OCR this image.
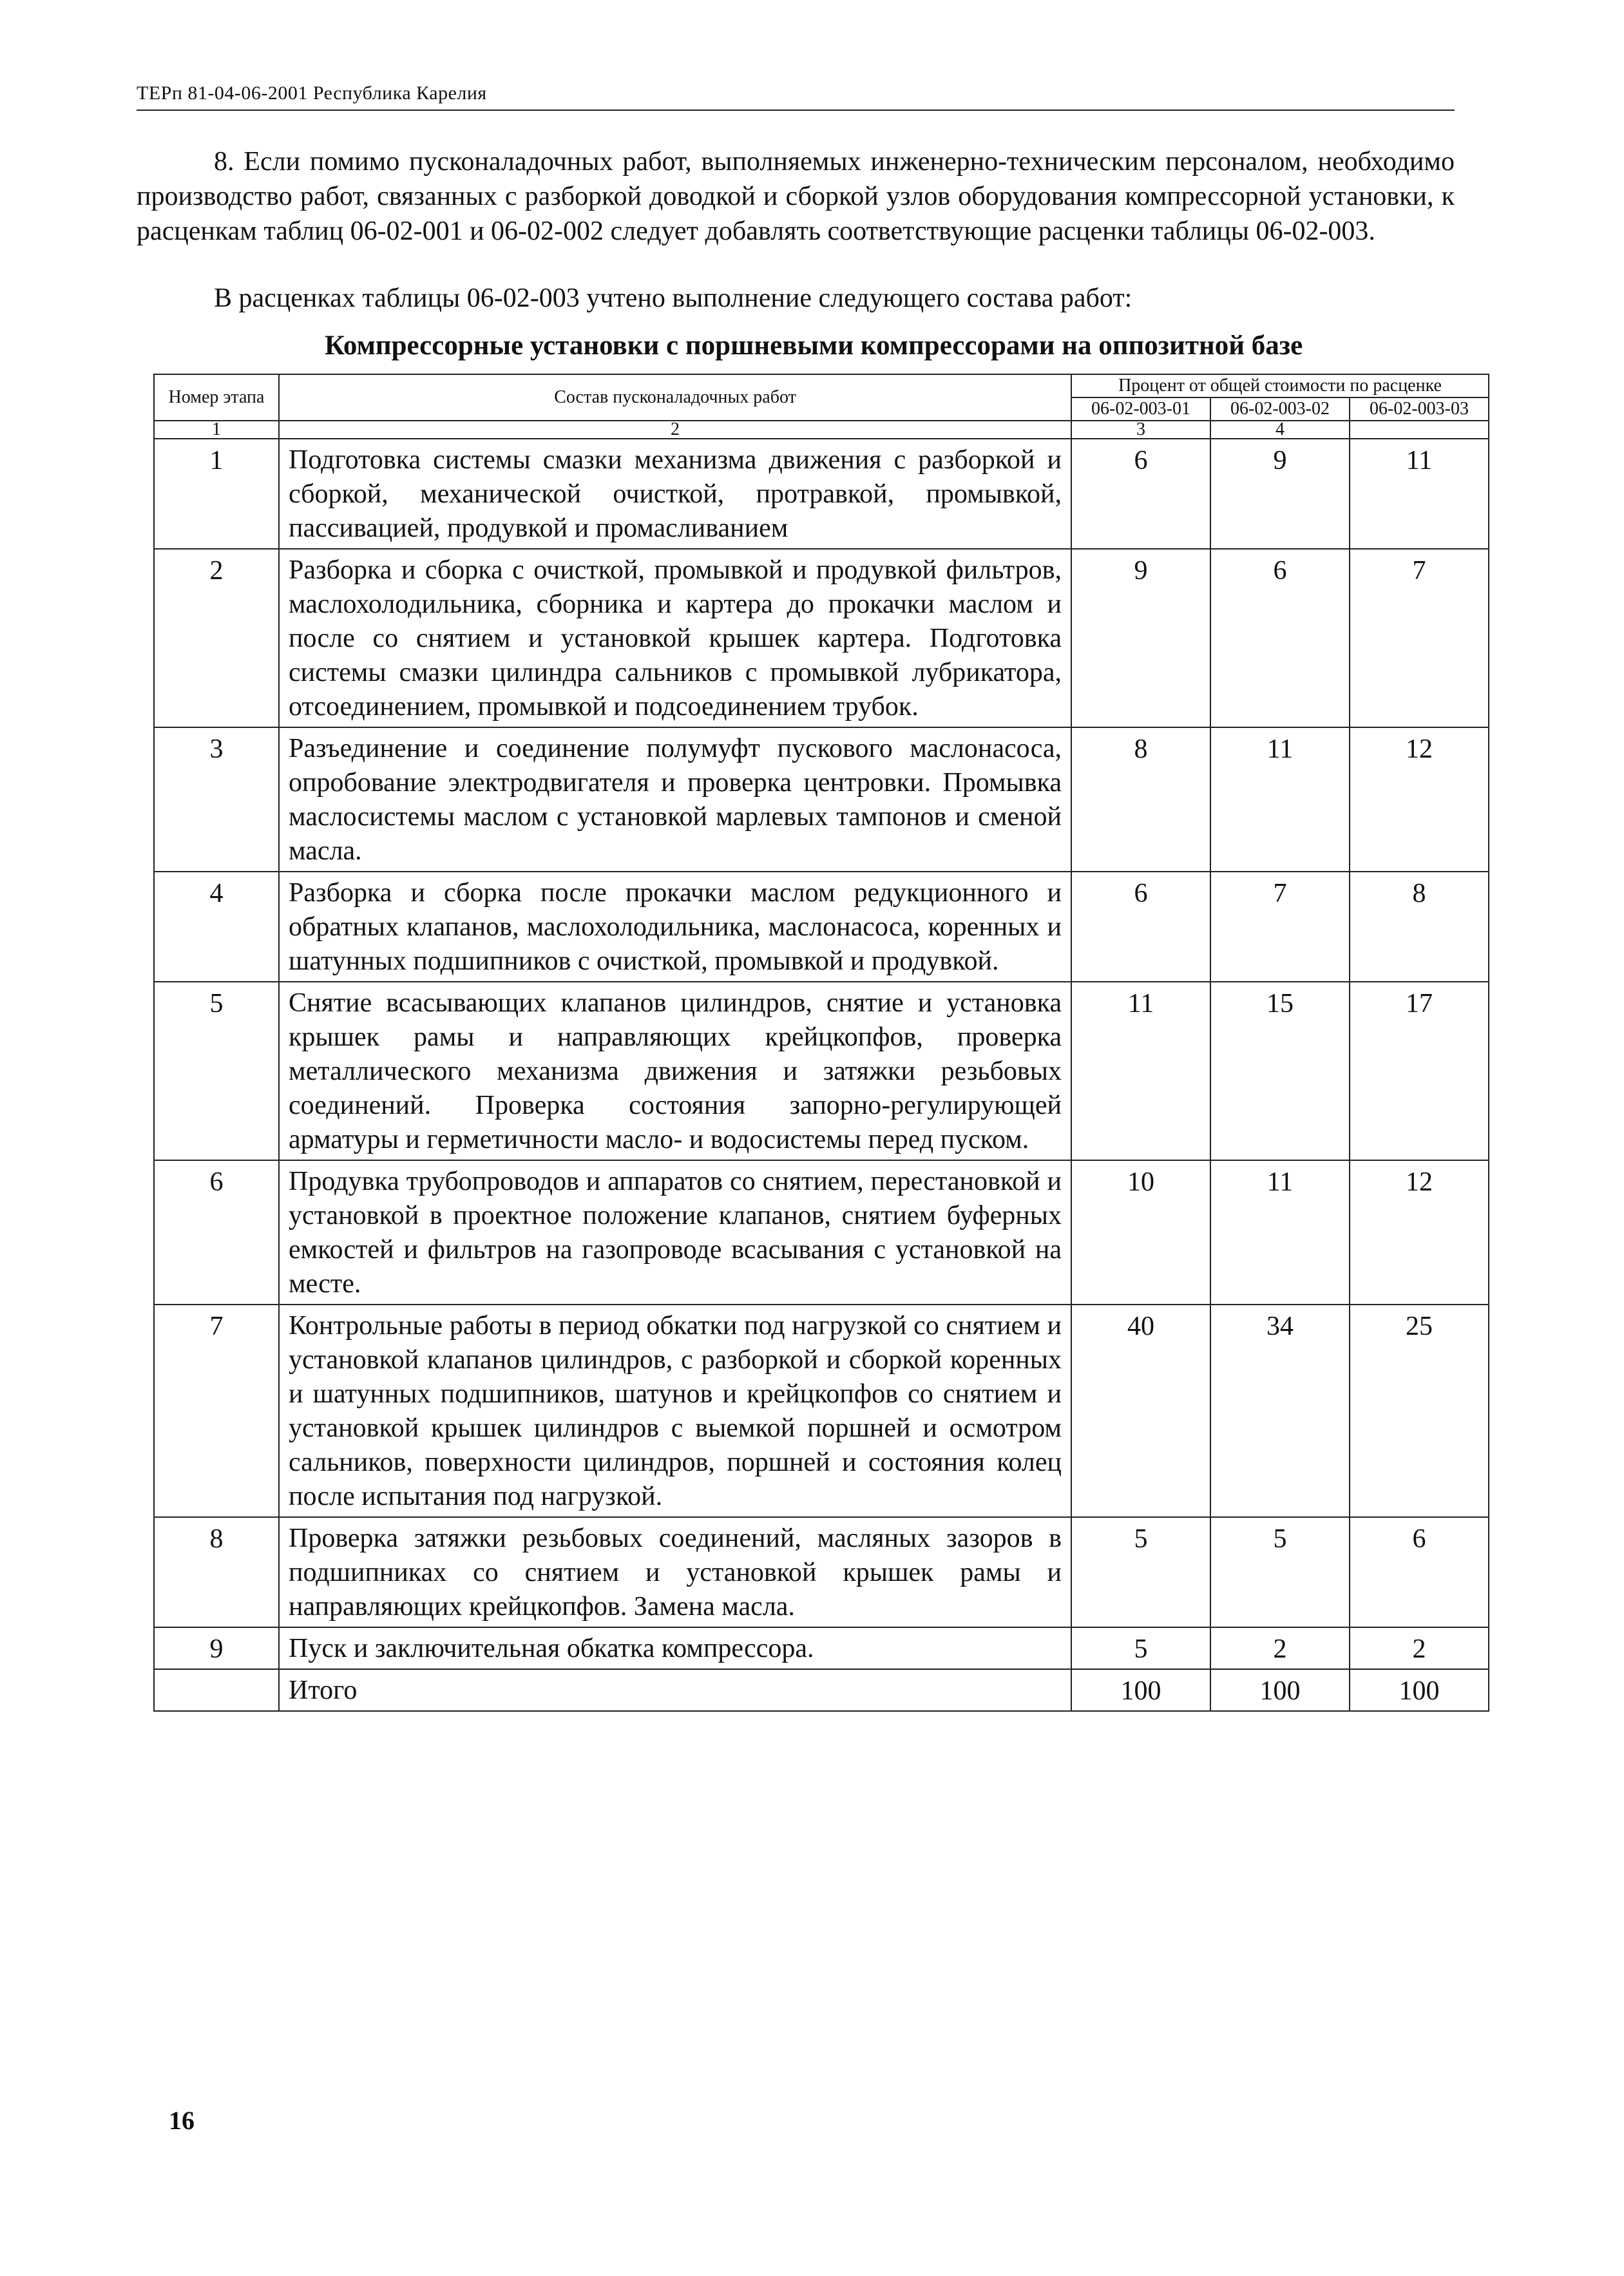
ТЕРп 81-04-06-2001 Республика Карелия
8. Если помимо пусконаладочных работ, выполняемых инженерно-техническим персоналом, необходимо производство работ, связанных с разборкой доводкой и сборкой узлов оборудования компрессорной установки, к расценкам таблиц 06-02-001 и 06-02-002 следует добавлять соответствующие расценки таблицы 06-02-003.
В расценках таблицы 06-02-003 учтено выполнение следующего состава работ:
Компрессорные установки с поршневыми компрессорами на оппозитной базе
Номер этапа	Состав пусконаладочных работ	Процент от общей стоимости по расценке		
		06-02-003-01	06-02-003-02	06-02-003-03
1	2	3	4	
1	Подготовка системы смазки механизма движения с разборкой и сборкой, механической очисткой, протравкой, промывкой, пассивацией, продувкой и промасливанием	6	9	11
2	Разборка и сборка с очисткой, промывкой и продувкой фильтров, маслохолодильника, сборника и картера до прокачки маслом и после со снятием и установкой крышек картера. Подготовка системы смазки цилиндра сальников с промывкой лубрикатора, отсоединением, промывкой и подсоединением трубок.	9	6	7
3	Разъединение и соединение полумуфт пускового маслонасоса, опробование электродвигателя и проверка центровки. Промывка маслосистемы маслом с установкой марлевых тампонов и сменой масла.	8	11	12
4	Разборка и сборка после прокачки маслом редукционного и обратных клапанов, маслохолодильника, маслонасоса, коренных и шатунных подшипников с очисткой, промывкой и продувкой.	6	7	8
5	Снятие всасывающих клапанов цилиндров, снятие и установка крышек рамы и направляющих крейцкопфов, проверка металлического механизма движения и затяжки резьбовых соединений. Проверка состояния запорно-регулирующей арматуры и герметичности масло- и водосистемы перед пуском.	11	15	17
6	Продувка трубопроводов и аппаратов со снятием, перестановкой и установкой в проектное положение клапанов, снятием буферных емкостей и фильтров на газопроводе всасывания с установкой на месте.	10	11	12
7	Контрольные работы в период обкатки под нагрузкой со снятием и установкой клапанов цилиндров, с разборкой и сборкой коренных и шатунных подшипников, шатунов и крейцкопфов со снятием и установкой крышек цилиндров с выемкой поршней и осмотром сальников, поверхности цилиндров, поршней и состояния колец после испытания под нагрузкой.	40	34	25
8	Проверка затяжки резьбовых соединений, масляных зазоров в подшипниках со снятием и установкой крышек рамы и направляющих крейцкопфов. Замена масла.	5	5	6
9	Пуск и заключительная обкатка компрессора.	5	2	2
	Итого	100	100	100
16
